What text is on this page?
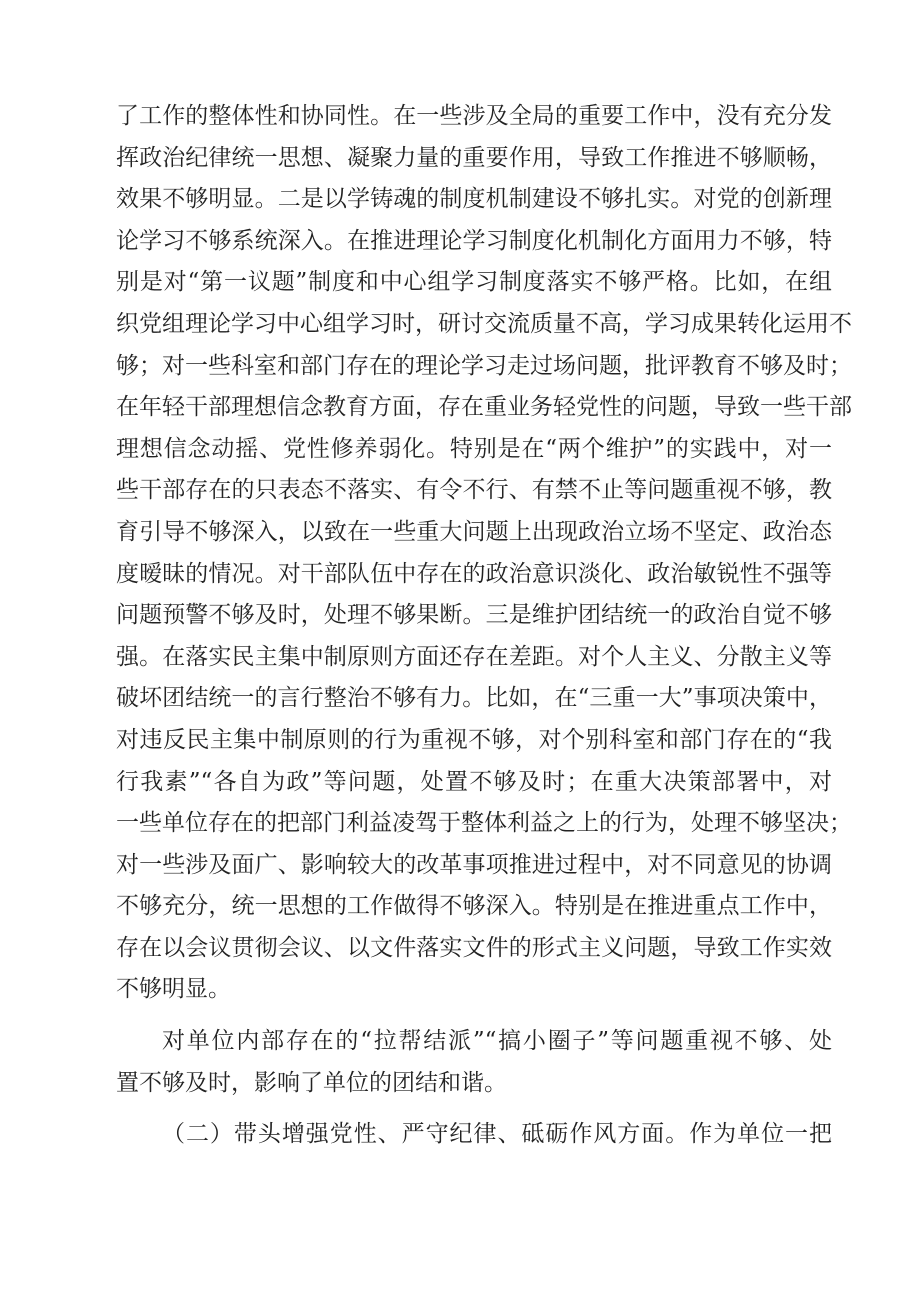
了工作的整体性和协同性。在一些涉及全局的重要工作中，没有充分发
挥政治纪律统一思想、凝聚力量的重要作用，导致工作推进不够顺畅，
效果不够明显。二是以学铸魂的制度机制建设不够扎实。对党的创新理
论学习不够系统深入。在推进理论学习制度化机制化方面用力不够，特
别是对“第一议题”制度和中心组学习制度落实不够严格。比如，在组
织党组理论学习中心组学习时，研讨交流质量不高，学习成果转化运用不
够；对一些科室和部门存在的理论学习走过场问题，批评教育不够及时；
在年轻干部理想信念教育方面，存在重业务轻党性的问题，导致一些干部
理想信念动摇、党性修养弱化。特别是在“两个维护”的实践中，对一
些干部存在的只表态不落实、有令不行、有禁不止等问题重视不够，教
育引导不够深入，以致在一些重大问题上出现政治立场不坚定、政治态
度暧昧的情况。对干部队伍中存在的政治意识淡化、政治敏锐性不强等
问题预警不够及时，处理不够果断。三是维护团结统一的政治自觉不够
强。在落实民主集中制原则方面还存在差距。对个人主义、分散主义等
破坏团结统一的言行整治不够有力。比如，在“三重一大”事项决策中，
对违反民主集中制原则的行为重视不够，对个别科室和部门存在的“我
行我素”“各自为政”等问题，处置不够及时；在重大决策部署中，对
一些单位存在的把部门利益凌驾于整体利益之上的行为，处理不够坚决；
对一些涉及面广、影响较大的改革事项推进过程中，对不同意见的协调
不够充分，统一思想的工作做得不够深入。特别是在推进重点工作中，
存在以会议贯彻会议、以文件落实文件的形式主义问题，导致工作实效
不够明显。
对单位内部存在的“拉帮结派”“搞小圈子”等问题重视不够、处
置不够及时，影响了单位的团结和谐。
（二）带头增强党性、严守纪律、砥砺作风方面。作为单位一把
